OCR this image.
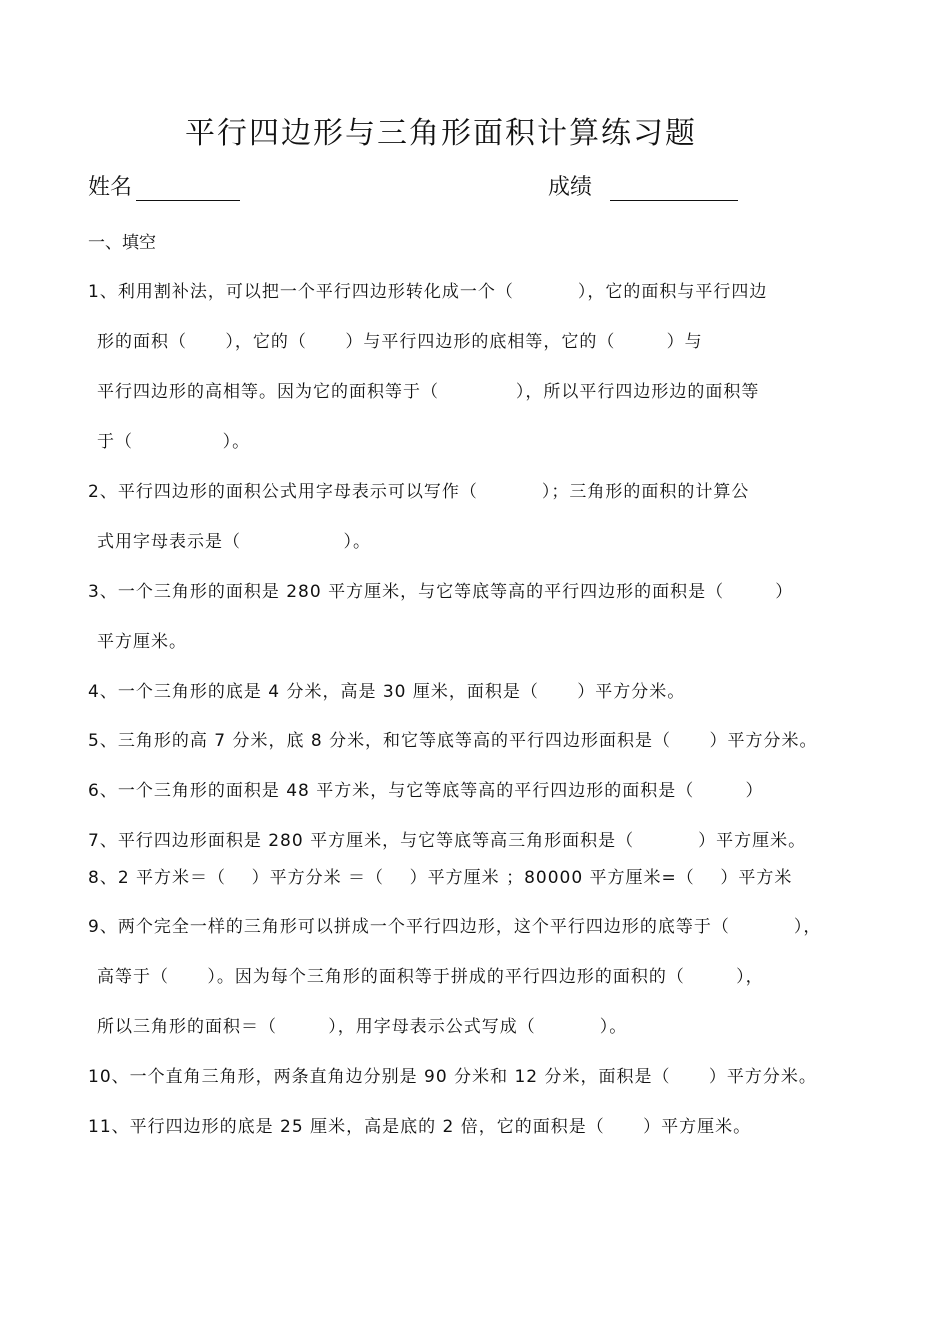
平行四边形与三角形面积计算练习题
姓名	成绩
一、填空
1、利用割补法，可以把一个平行四边形转化成一个（          ），它的面积与平行四边
形的面积（      ），它的（      ）与平行四边形的底相等，它的（        ）与
平行四边形的高相等。因为它的面积等于（            ），所以平行四边形边的面积等
于（              ）。
2、平行四边形的面积公式用字母表示可以写作（          ）；三角形的面积的计算公
式用字母表示是（                ）。
3、一个三角形的面积是 280 平方厘米，与它等底等高的平行四边形的面积是（        ）
平方厘米。
4、一个三角形的底是 4 分米，高是 30 厘米，面积是（      ）平方分米。
5、三角形的高 7 分米，底 8 分米，和它等底等高的平行四边形面积是（      ）平方分米。
6、一个三角形的面积是 48 平方米，与它等底等高的平行四边形的面积是（        ）
7、平行四边形面积是 280 平方厘米，与它等底等高三角形面积是（          ）平方厘米。
8、2 平方米＝（    ）平方分米 ＝（    ）平方厘米 ；80000 平方厘米=（    ）平方米
9、两个完全一样的三角形可以拼成一个平行四边形，这个平行四边形的底等于（          ），
高等于（      ）。因为每个三角形的面积等于拼成的平行四边形的面积的（        ），
所以三角形的面积＝（        ），用字母表示公式写成（          ）。
10、一个直角三角形，两条直角边分别是 90 分米和 12 分米，面积是（      ）平方分米。
11、平行四边形的底是 25 厘米，高是底的 2 倍，它的面积是（      ）平方厘米。
